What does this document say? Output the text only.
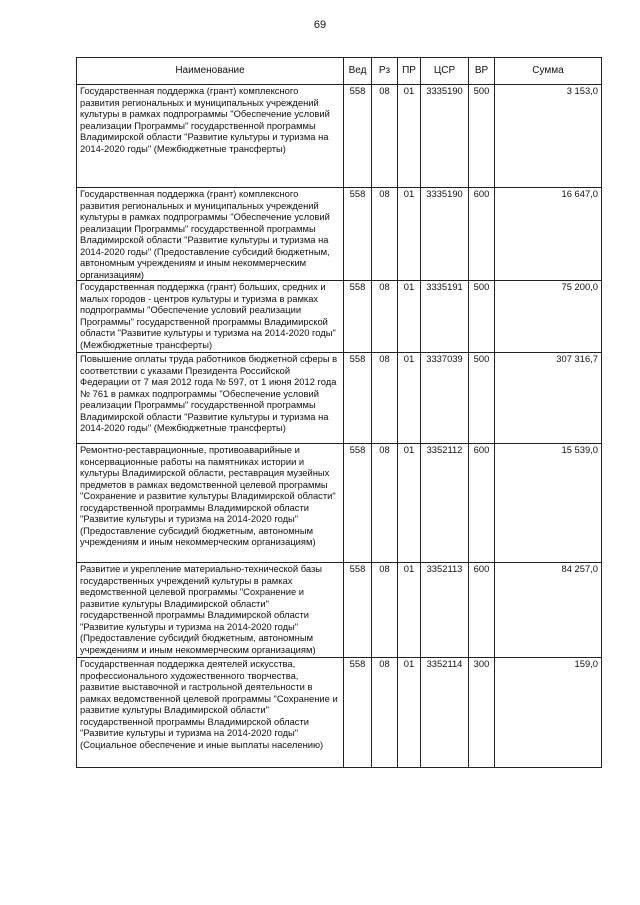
69
Наименование	Вед	Рз	ПР	ЦСР	ВР	Сумма
Государственная поддержка (грант) комплексного развития региональных и муниципальных учреждений культуры в рамках подпрограммы "Обеспечение условий реализации Программы" государственной программы Владимирской области "Развитие культуры и туризма на 2014-2020 годы" (Межбюджетные трансферты)	558	08	01	3335190	500	3 153,0
Государственная поддержка (грант) комплексного развития региональных и муниципальных учреждений культуры в рамках подпрограммы "Обеспечение условий реализации Программы" государственной программы Владимирской области "Развитие культуры и туризма на 2014-2020 годы" (Предоставление субсидий бюджетным, автономным учреждениям и иным некоммерческим организациям)	558	08	01	3335190	600	16 647,0
Государственная поддержка (грант) больших, средних и малых городов - центров культуры и туризма в рамках подпрограммы "Обеспечение условий реализации Программы" государственной программы Владимирской области "Развитие культуры и туризма на 2014-2020 годы" (Межбюджетные трансферты)	558	08	01	3335191	500	75 200,0
Повышение оплаты труда работников бюджетной сферы в соответствии с указами Президента Российской Федерации от 7 мая 2012 года № 597, от 1 июня 2012 года № 761 в рамках подпрограммы "Обеспечение условий реализации Программы" государственной программы Владимирской области "Развитие культуры и туризма на 2014-2020 годы" (Межбюджетные трансферты)	558	08	01	3337039	500	307 316,7
Ремонтно-реставрационные, противоаварийные и консервационные работы на памятниках истории и культуры Владимирской области, реставрация музейных предметов в рамках ведомственной целевой программы "Сохранение и развитие культуры Владимирской области" государственной программы Владимирской области "Развитие культуры и туризма на 2014-2020 годы" (Предоставление субсидий бюджетным, автономным учреждениям и иным некоммерческим организациям)	558	08	01	3352112	600	15 539,0
Развитие и укрепление материально-технической базы государственных учреждений культуры в рамках ведомственной целевой программы "Сохранение и развитие культуры Владимирской области" государственной программы Владимирской области "Развитие культуры и туризма на 2014-2020 годы" (Предоставление субсидий бюджетным, автономным учреждениям и иным некоммерческим организациям)	558	08	01	3352113	600	84 257,0
Государственная поддержка деятелей искусства, профессионального художественного творчества, развитие выставочной и гастрольной деятельности в рамках ведомственной целевой программы "Сохранение и развитие культуры Владимирской области" государственной программы Владимирской области "Развитие культуры и туризма на 2014-2020 годы" (Социальное обеспечение и иные выплаты населению)	558	08	01	3352114	300	159,0
